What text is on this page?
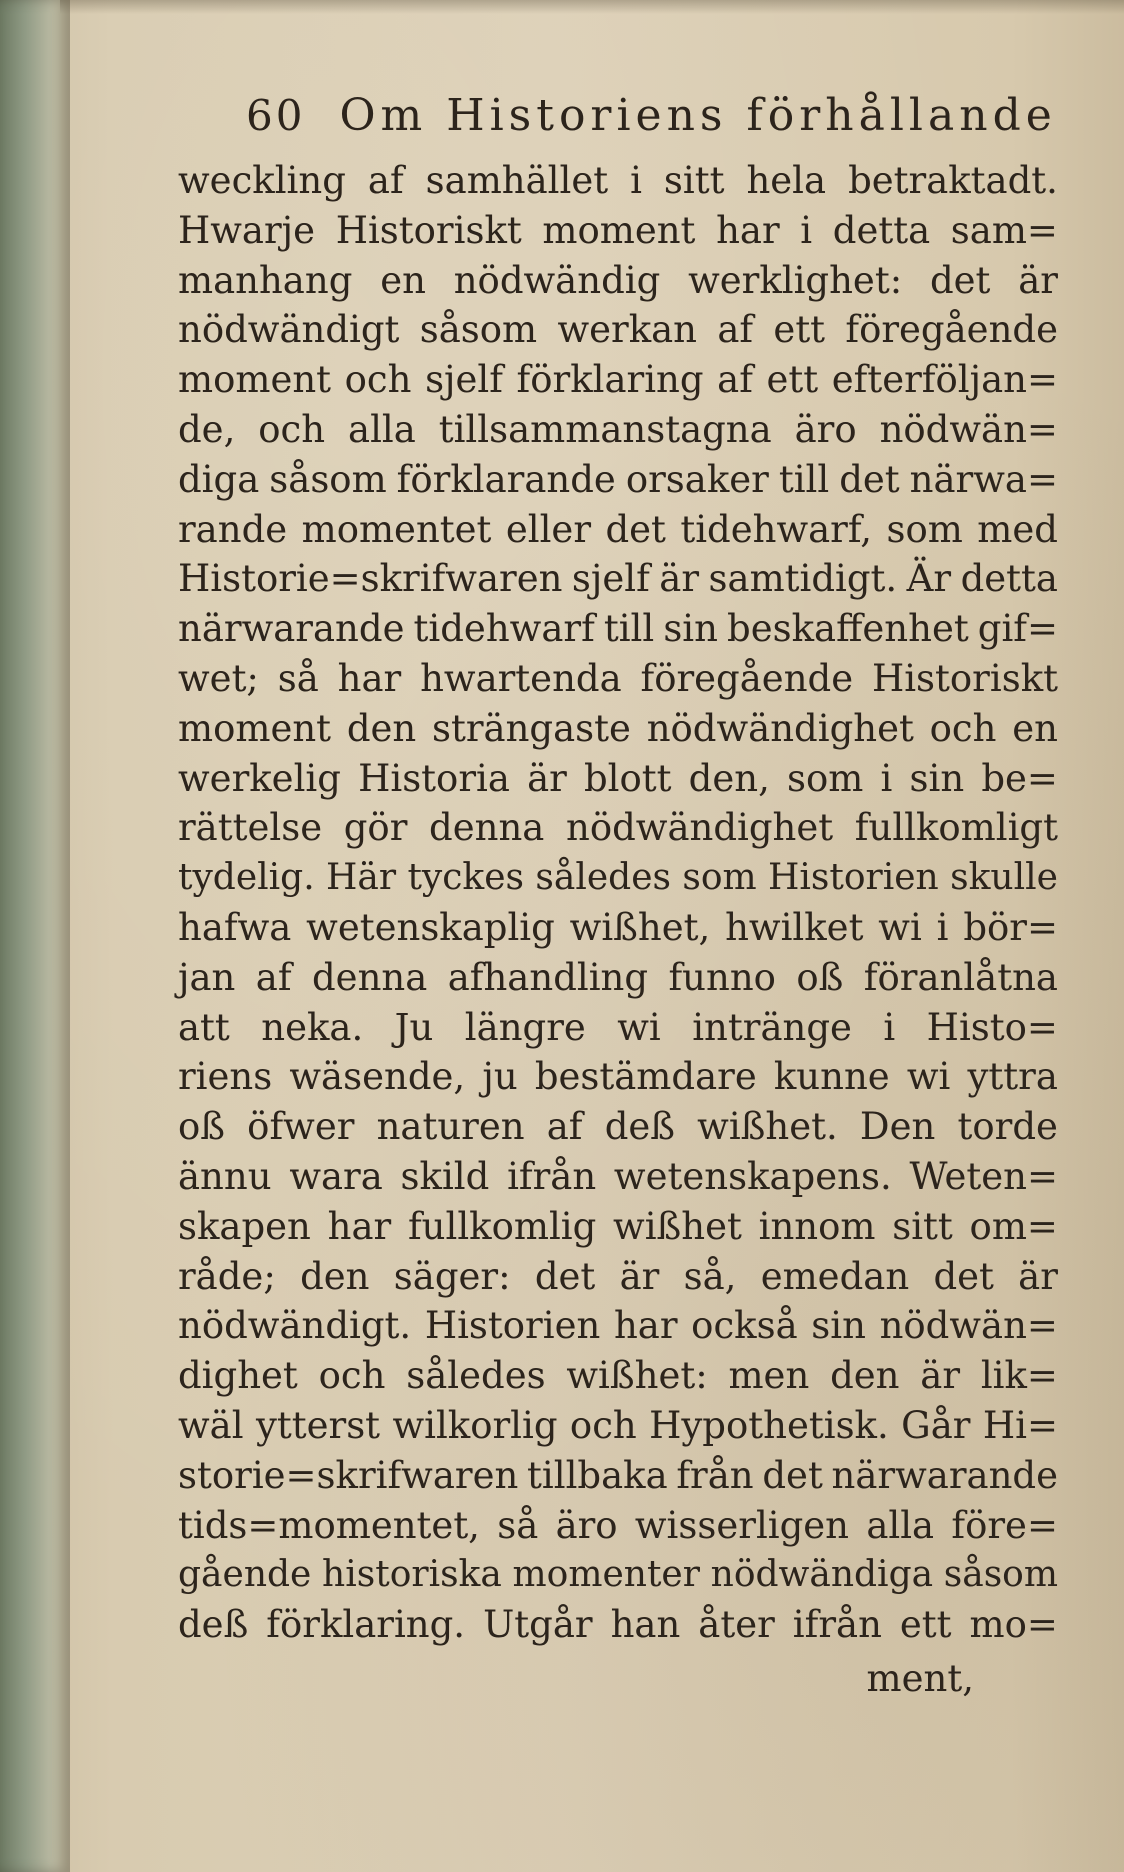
60 Om Historiens förhållande
weckling af samhället i sitt hela betraktadt.
Hwarje Historiskt moment har i detta sam=
manhang en nödwändig werklighet: det är
nödwändigt såsom werkan af ett föregående
moment och sjelf förklaring af ett efterföljan=
de, och alla tillsammanstagna äro nödwän=
diga såsom förklarande orsaker till det närwa=
rande momentet eller det tidehwarf, som med
Historie=skrifwaren sjelf är samtidigt. Är detta
närwarande tidehwarf till sin beskaffenhet gif=
wet; så har hwartenda föregående Historiskt
moment den strängaste nödwändighet och en
werkelig Historia är blott den, som i sin be=
rättelse gör denna nödwändighet fullkomligt
tydelig. Här tyckes således som Historien skulle
hafwa wetenskaplig wißhet, hwilket wi i bör=
jan af denna afhandling funno oß föranlåtna
att neka. Ju längre wi intränge i Histo=
riens wäsende, ju bestämdare kunne wi yttra
oß öfwer naturen af deß wißhet. Den torde
ännu wara skild ifrån wetenskapens. Weten=
skapen har fullkomlig wißhet innom sitt om=
råde; den säger: det är så, emedan det är
nödwändigt. Historien har också sin nödwän=
dighet och således wißhet: men den är lik=
wäl ytterst wilkorlig och Hypothetisk. Går Hi=
storie=skrifwaren tillbaka från det närwarande
tids=momentet, så äro wisserligen alla före=
gående historiska momenter nödwändiga såsom
deß förklaring. Utgår han åter ifrån ett mo=
ment,
